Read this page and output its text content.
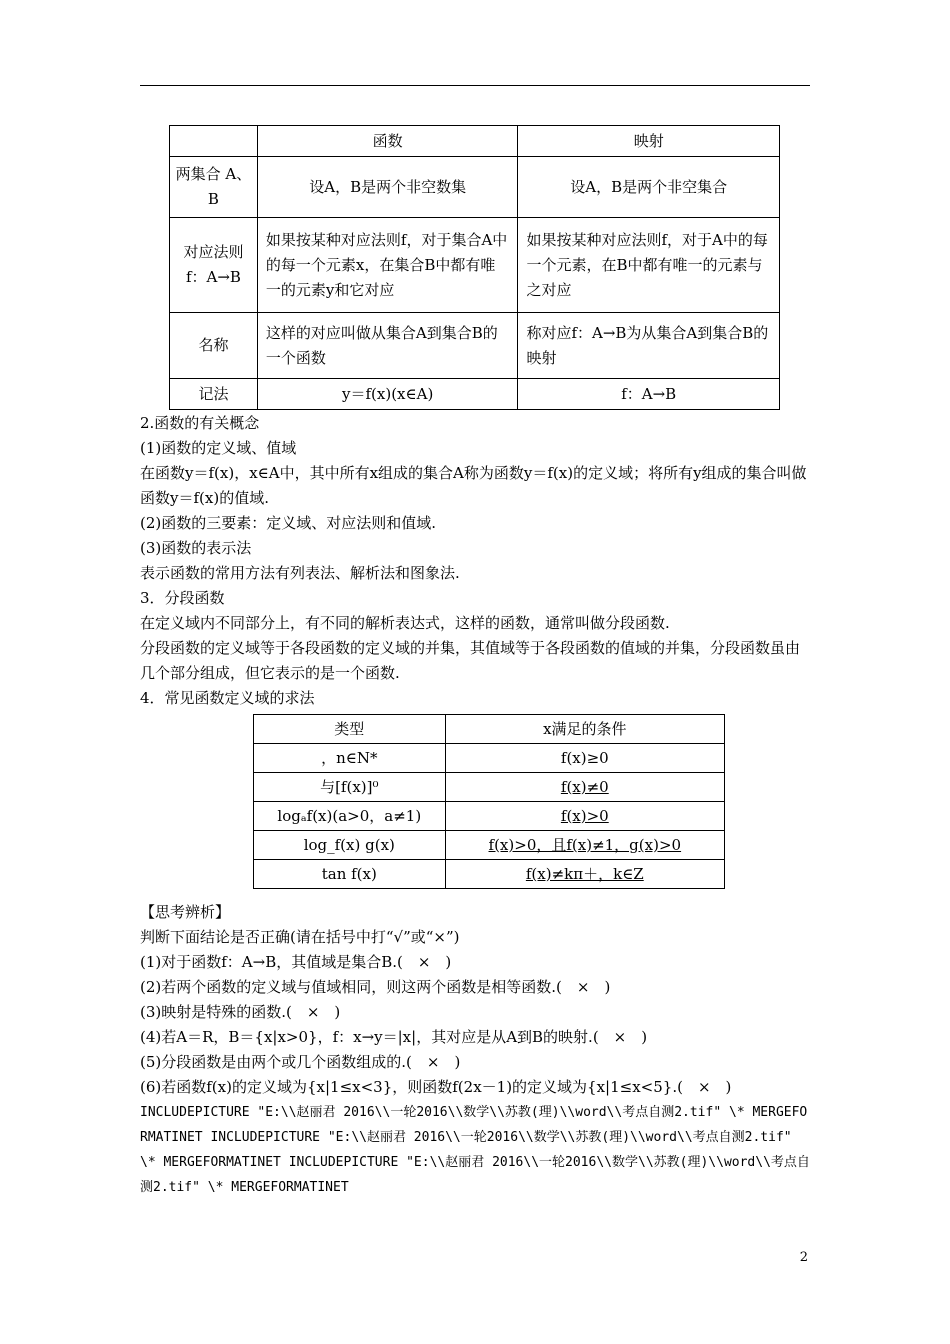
	函数	映射
两集合 A、B	设A，B是两个非空数集	设A，B是两个非空集合
对应法则 f：A→B	如果按某种对应法则f，对于集合A中的每一个元素x，在集合B中都有唯一的元素y和它对应	如果按某种对应法则f，对于A中的每一个元素，在B中都有唯一的元素与之对应
名称	这样的对应叫做从集合A到集合B的一个函数	称对应f：A→B为从集合A到集合B的映射
记法	y＝f(x)(x∈A)	f：A→B
2.函数的有关概念
(1)函数的定义域、值域
在函数y＝f(x)，x∈A中，其中所有x组成的集合A称为函数y＝f(x)的定义域；将所有y组成的集合叫做函数y＝f(x)的值域.
(2)函数的三要素：定义域、对应法则和值域.
(3)函数的表示法
表示函数的常用方法有列表法、解析法和图象法.
3．分段函数
在定义域内不同部分上，有不同的解析表达式，这样的函数，通常叫做分段函数.
分段函数的定义域等于各段函数的定义域的并集，其值域等于各段函数的值域的并集，分段函数虽由几个部分组成，但它表示的是一个函数.
4．常见函数定义域的求法
类型	x满足的条件
，n∈N*	f(x)≥0
与[f(x)]⁰	f(x)≠0
logₐf(x)(a>0，a≠1)	f(x)>0
log_f(x) g(x)	f(x)>0，且f(x)≠1，g(x)>0
tan f(x)	f(x)≠kπ＋，k∈Z
【思考辨析】
判断下面结论是否正确(请在括号中打“√”或“×”)
(1)对于函数f：A→B，其值域是集合B.(　×　)
(2)若两个函数的定义域与值域相同，则这两个函数是相等函数.(　×　)
(3)映射是特殊的函数.(　×　)
(4)若A＝R，B＝{x|x>0}，f：x→y＝|x|，其对应是从A到B的映射.(　×　)
(5)分段函数是由两个或几个函数组成的.(　×　)
(6)若函数f(x)的定义域为{x|1≤x<3}，则函数f(2x－1)的定义域为{x|1≤x<5}.(　×　)
INCLUDEPICTURE "E:\\赵丽君 2016\\一轮2016\\数学\\苏教(理)\\word\\考点自测2.tif" \* MERGEFORMATINET INCLUDEPICTURE "E:\\赵丽君 2016\\一轮2016\\数学\\苏教(理)\\word\\考点自测2.tif" \* MERGEFORMATINET INCLUDEPICTURE "E:\\赵丽君 2016\\一轮2016\\数学\\苏教(理)\\word\\考点自测2.tif" \* MERGEFORMATINET
2
